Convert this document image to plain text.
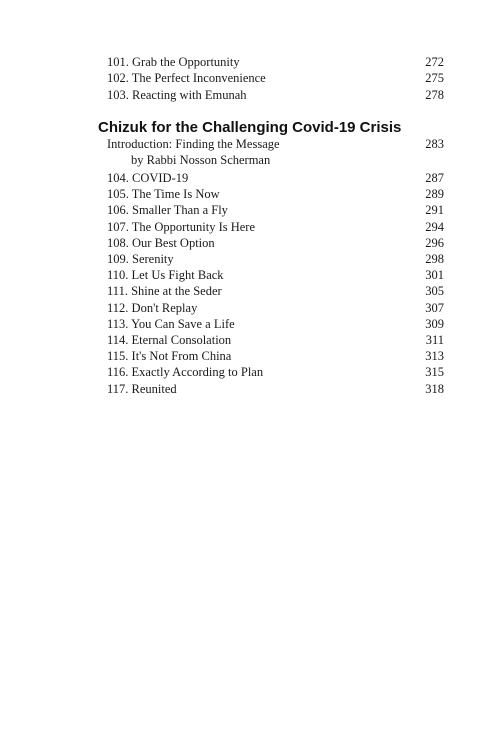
101. Grab the Opportunity	272
102. The Perfect Inconvenience	275
103. Reacting with Emunah	278
Chizuk for the Challenging Covid-19 Crisis
Introduction: Finding the Message	283
by Rabbi Nosson Scherman
104. COVID-19	287
105. The Time Is Now	289
106. Smaller Than a Fly	291
107. The Opportunity Is Here	294
108. Our Best Option	296
109. Serenity	298
110. Let Us Fight Back	301
111. Shine at the Seder	305
112. Don't Replay	307
113. You Can Save a Life	309
114. Eternal Consolation	311
115. It's Not From China	313
116. Exactly According to Plan	315
117. Reunited	318
